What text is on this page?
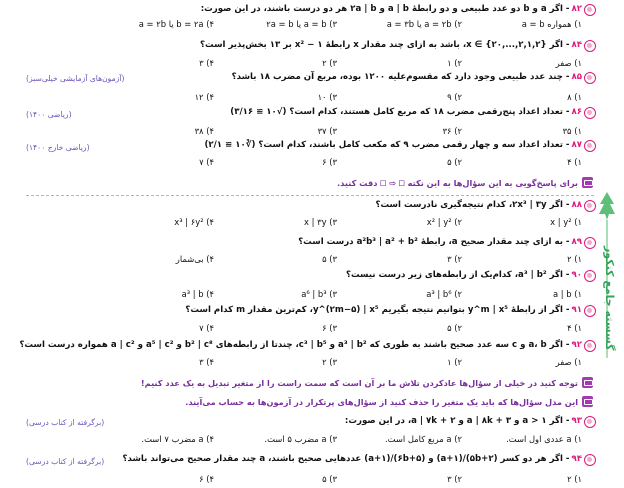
گسسته جامع کنکور
۸۲- اگر a و b دو عدد طبیعی و دو رابطهٔ a | b و ۲a | b هر دو درست باشند، در این صورت:
۱) همواره a = b
۲) a = ۲b یا a = ۳b
۳) a = b یا ۲a = b
۴) b = ۲a یا a = ۲b
۸۴- اگر x ∈ {۲۰,...,۲,۱,۲}، باشد به ازای چند مقدار x رابطهٔ ۱ − x² بر ۱۳ بخش‌پذیر است؟
۱) صفر
۲) ۱
۳) ۲
۴) ۳
۸۵- چند عدد طبیعی وجود دارد که مقسوم‌علیه ۱۲۰۰ بوده، مربع آن مضرب ۱۸ باشد؟
(آزمون‌های آزمایشی خیلی‌سبز)
۱) ۸
۲) ۹
۳) ۱۰
۴) ۱۲
۸۶- تعداد اعداد پنج‌رقمی مضرب ۱۸ که مربع کامل هستند، کدام است؟ (√۱۰ ≅ ۳/۱۶)
(ریاضی ۱۴۰۰)
۱) ۳۵
۲) ۳۶
۳) ۳۷
۴) ۳۸
۸۷- تعداد اعداد سه و چهار رقمی مضرب ۹ که مکعب کامل باشند، کدام است؟ (∛۱۰ ≅ ۲/۱)
(ریاضی خارج ۱۴۰۰)
۱) ۴
۲) ۵
۳) ۶
۴) ۷
برای پاسخ‌گویی به این سؤال‌ها به این نکته 🗆 ⇨ 🗆 دقت کنید.
۸۸- اگر ۲x³ | ۳y، کدام نتیجه‌گیری نادرست است؟
۱) x | y²
۲) x² | y²
۳) x | ۳y
۴) x³ | ۶y²
۸۹- به ازای چند مقدار صحیح a، رابطهٔ a²b³ | a² + b² درست است؟
۱) ۲
۲) ۳
۳) ۵
۴) بی‌شمار
۹۰- اگر a³ | b²، کدام‌یک از رابطه‌های زیر درست نیست؟
۱) a | b
۲) a³ | b⁶
۳) a⁶ | b³
۴) a³ | b
۹۱- اگر از رابطهٔ y^m | x⁵ بتوانیم نتیجه بگیریم y^(۲m−۵) | x⁵، کم‌ترین مقدار m کدام است؟
۱) ۴
۲) ۵
۳) ۶
۴) ۷
۹۲- اگر a، b و c سه عدد صحیح باشند به طوری که a³ | b² و c³ | b⁵، چند‌تا از رابطه‌های b² | c⁸ و a⁵ | c² و a | c² همواره درست است؟
۱) صفر
۲) ۱
۳) ۲
۴) ۳
توجه کنید در خیلی از سؤال‌ها عادکردن تلاش ما بر آن است که سمت راست را از متغیر تبدیل به یک عدد کنیم!
این مدل سؤال‌ها که باید یک متغیر را حذف کنید از سؤال‌های پرتکرار در آزمون‌ها به حساب می‌آیند.
۹۳- اگر a > ۱ و a | ۸k + ۳ و a | ۷k + ۲، در این صورت:
(برگرفته از کتاب درسی)
۱) a عددی اول است.
۲) a مربع کامل است.
۳) a مضرب ۵ است.
۴) a مضرب ۷ است.
۹۴- اگر هر دو کسر (۵b+۲)/(a+۱) و (۶b+۵)/(a+۱) عددهایی صحیح باشند، a چند مقدار صحیح می‌تواند باشد؟
(برگرفته از کتاب درسی)
۱) ۲
۲) ۳
۳) ۵
۴) ۶
